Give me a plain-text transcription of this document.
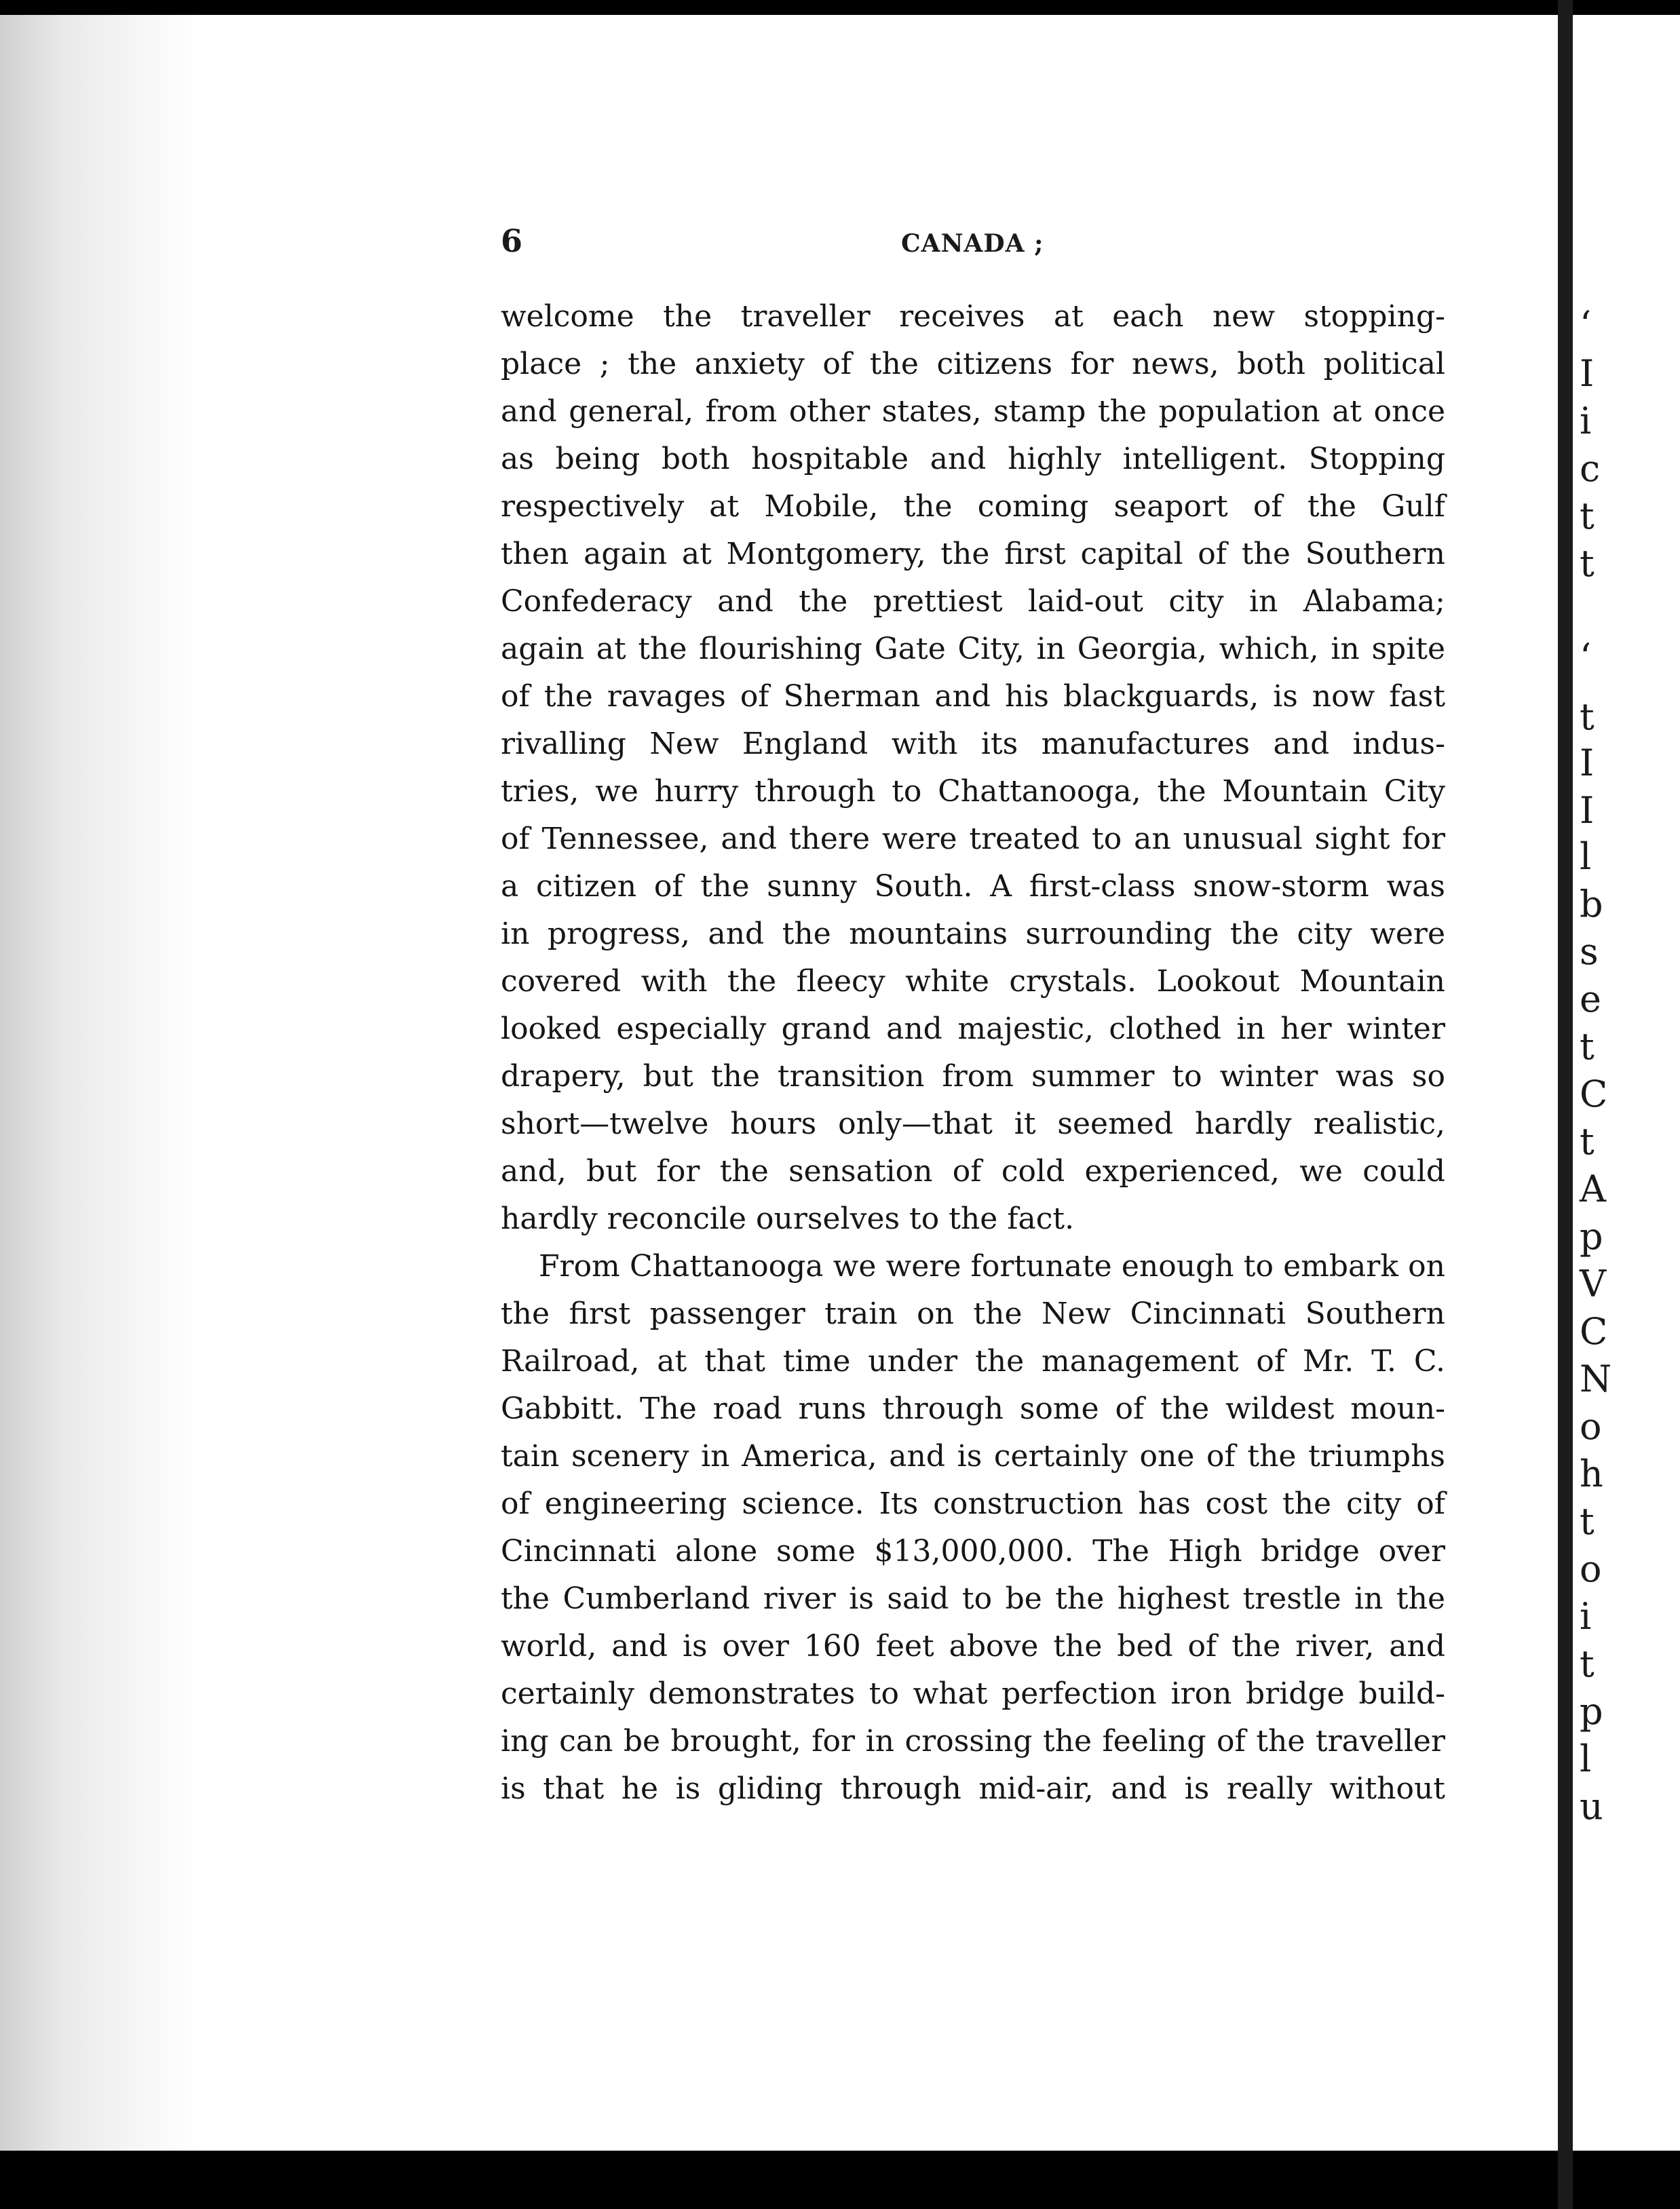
‘
I
i
c
t
t
‘
t
I
I
l
b
s
e
t
C
t
A
p
V
C
N
o
h
t
o
i
t
p
l
u
6	CANADA ;
welcome the traveller receives at each new stopping-
place ; the anxiety of the citizens for news, both political
and general, from other states, stamp the population at once
as being both hospitable and highly intelligent. Stopping
respectively at Mobile, the coming seaport of the Gulf
then again at Montgomery, the first capital of the Southern
Confederacy and the prettiest laid-out city in Alabama;
again at the flourishing Gate City, in Georgia, which, in spite
of the ravages of Sherman and his blackguards, is now fast
rivalling New England with its manufactures and indus-
tries, we hurry through to Chattanooga, the Mountain City
of Tennessee, and there were treated to an unusual sight for
a citizen of the sunny South. A first-class snow-storm was
in progress, and the mountains surrounding the city were
covered with the fleecy white crystals. Lookout Mountain
looked especially grand and majestic, clothed in her winter
drapery, but the transition from summer to winter was so
short—twelve hours only—that it seemed hardly realistic,
and, but for the sensation of cold experienced, we could
hardly reconcile ourselves to the fact.
From Chattanooga we were fortunate enough to embark on
the first passenger train on the New Cincinnati Southern
Railroad, at that time under the management of Mr. T. C.
Gabbitt. The road runs through some of the wildest moun-
tain scenery in America, and is certainly one of the triumphs
of engineering science. Its construction has cost the city of
Cincinnati alone some $13,000,000. The High bridge over
the Cumberland river is said to be the highest trestle in the
world, and is over 160 feet above the bed of the river, and
certainly demonstrates to what perfection iron bridge build-
ing can be brought, for in crossing the feeling of the traveller
is that he is gliding through mid-air, and is really without
